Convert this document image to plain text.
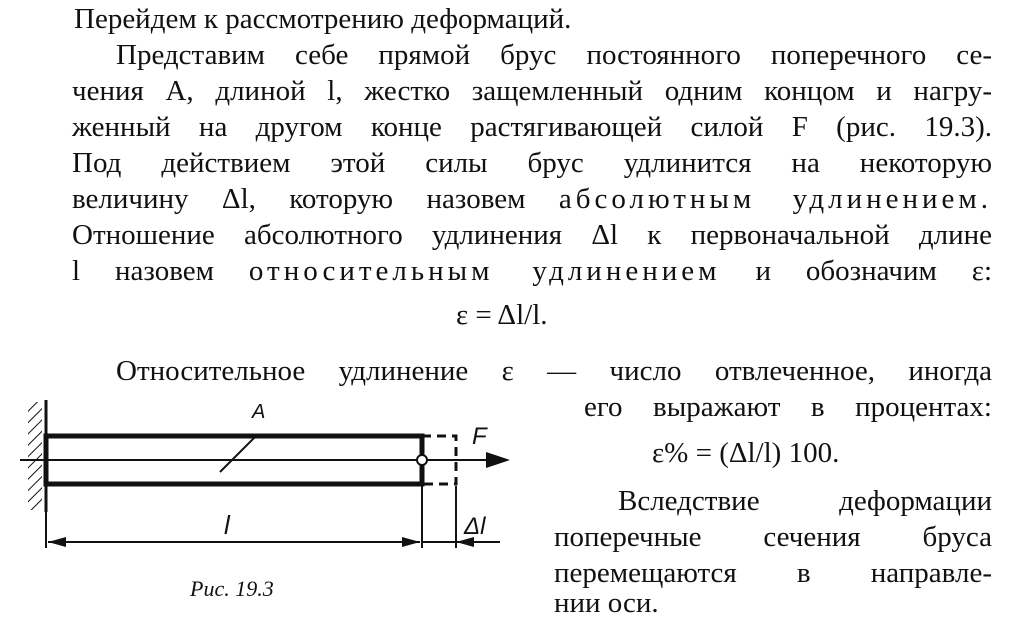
Перейдем к рассмотрению деформаций.
Представим себе прямой брус постоянного поперечного се-
чения A, длиной l, жестко защемленный одним концом и нагру-
женный на другом конце растягивающей силой F (рис. 19.3).
Под действием этой силы брус удлинится на некоторую
величину Δl, которую назовем абсолютным удлинением.
Отношение абсолютного удлинения Δl к первоначальной длине
l назовем относительным удлинением и обозначим ε:
ε = Δl/l.
Относительное удлинение ε — число отвлеченное, иногда
его выражают в процентах:
ε% = (Δl/l) 100.
Вследствие деформации
поперечные сечения бруса
перемещаются в направле-
нии оси.
A
F
l	Δl
Рис. 19.3
